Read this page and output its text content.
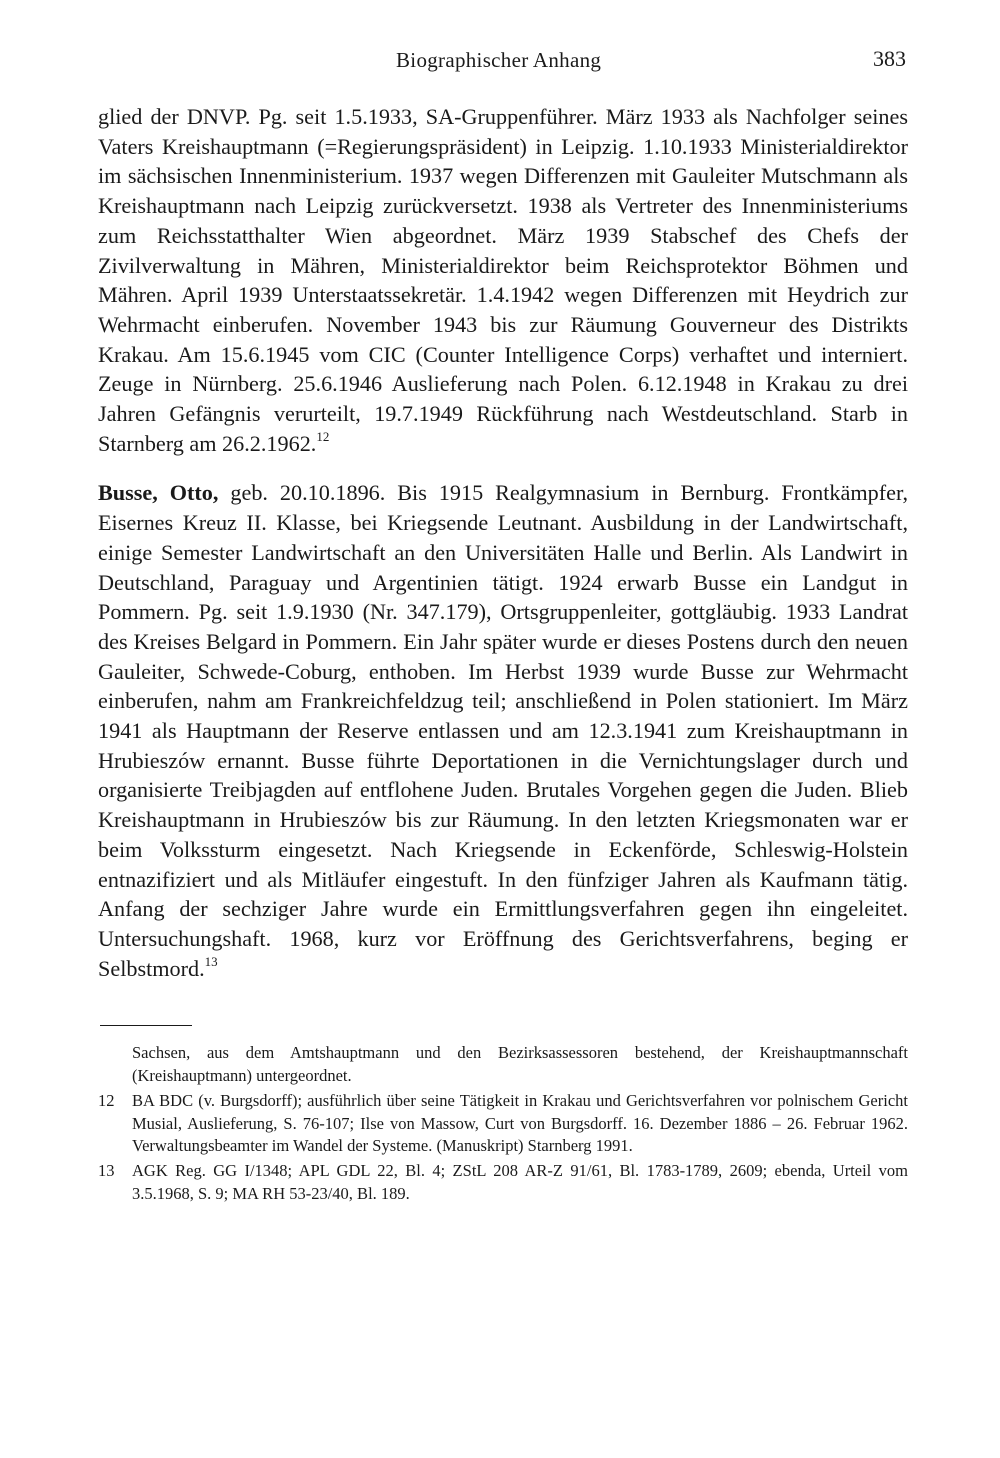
Biographischer Anhang	383

glied der DNVP. Pg. seit 1.5.1933, SA-Gruppenführer. März 1933 als Nachfolger seines Vaters Kreishauptmann (=Regierungspräsident) in Leipzig. 1.10.1933 Ministerialdirektor im sächsischen Innenministerium. 1937 wegen Differenzen mit Gauleiter Mutschmann als Kreishauptmann nach Leipzig zurückversetzt. 1938 als Vertreter des Innenministeriums zum Reichsstatthalter Wien abgeordnet. März 1939 Stabschef des Chefs der Zivilverwaltung in Mähren, Ministerialdirektor beim Reichsprotektor Böhmen und Mähren. April 1939 Unterstaatssekretär. 1.4.1942 wegen Differenzen mit Heydrich zur Wehrmacht einberufen. November 1943 bis zur Räumung Gouverneur des Distrikts Krakau. Am 15.6.1945 vom CIC (Counter Intelligence Corps) verhaftet und interniert. Zeuge in Nürnberg. 25.6.1946 Auslieferung nach Polen. 6.12.1948 in Krakau zu drei Jahren Gefängnis verurteilt, 19.7.1949 Rückführung nach Westdeutschland. Starb in Starnberg am 26.2.1962.12

Busse, Otto, geb. 20.10.1896. Bis 1915 Realgymnasium in Bernburg. Frontkämpfer, Eisernes Kreuz II. Klasse, bei Kriegsende Leutnant. Ausbildung in der Landwirtschaft, einige Semester Landwirtschaft an den Universitäten Halle und Berlin. Als Landwirt in Deutschland, Paraguay und Argentinien tätigt. 1924 erwarb Busse ein Landgut in Pommern. Pg. seit 1.9.1930 (Nr. 347.179), Ortsgruppenleiter, gottgläubig. 1933 Landrat des Kreises Belgard in Pommern. Ein Jahr später wurde er dieses Postens durch den neuen Gauleiter, Schwede-Coburg, enthoben. Im Herbst 1939 wurde Busse zur Wehrmacht einberufen, nahm am Frankreichfeldzug teil; anschließend in Polen stationiert. Im März 1941 als Hauptmann der Reserve entlassen und am 12.3.1941 zum Kreishauptmann in Hrubieszów ernannt. Busse führte Deportationen in die Vernichtungslager durch und organisierte Treibjagden auf entflohene Juden. Brutales Vorgehen gegen die Juden. Blieb Kreishauptmann in Hrubieszów bis zur Räumung. In den letzten Kriegsmonaten war er beim Volkssturm eingesetzt. Nach Kriegsende in Eckenförde, Schleswig-Holstein entnazifiziert und als Mitläufer eingestuft. In den fünfziger Jahren als Kaufmann tätig. Anfang der sechziger Jahre wurde ein Ermittlungsverfahren gegen ihn eingeleitet. Untersuchungshaft. 1968, kurz vor Eröffnung des Gerichtsverfahrens, beging er Selbstmord.$^{13}$

Sachsen, aus dem Amtshauptmann und den Bezirksassessoren bestehend, der Kreishauptmannschaft (Kreishauptmann) untergeordnet.
12	BA BDC (v. Burgsdorff); ausführlich über seine Tätigkeit in Krakau und Gerichtsverfahren vor polnischem Gericht Musial, Auslieferung, S. 76-107; Ilse von Massow, Curt von Burgsdorff. 16. Dezember 1886 – 26. Februar 1962. Verwaltungsbeamter im Wandel der Systeme. (Manuskript) Starnberg 1991.
13	AGK Reg. GG I/1348; APL GDL 22, Bl. 4; ZStL 208 AR-Z 91/61, Bl. 1783-1789, 2609; ebenda, Urteil vom 3.5.1968, S. 9; MA RH 53-23/40, Bl. 189.
